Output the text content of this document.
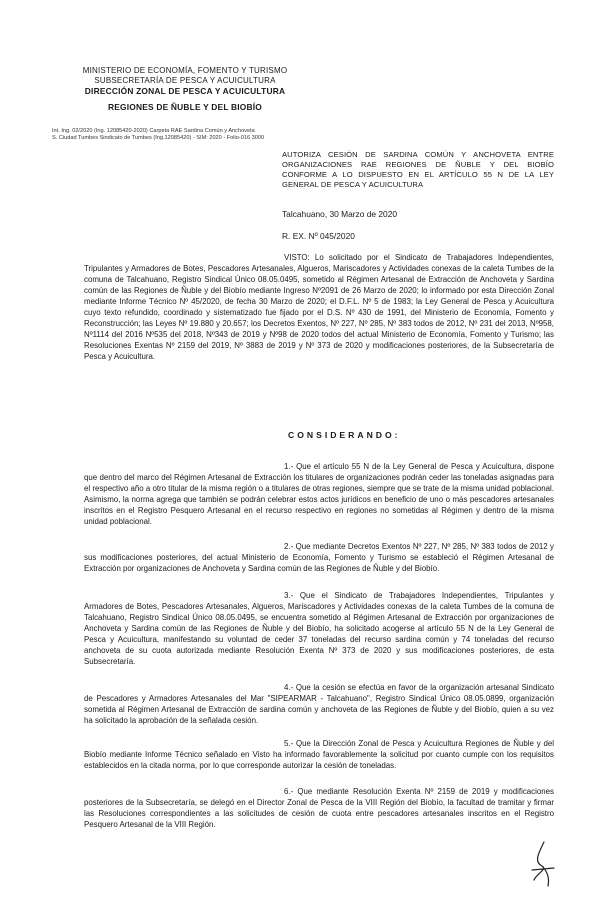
MINISTERIO DE ECONOMÍA, FOMENTO Y TURISMO
SUBSECRETARÍA DE PESCA Y ACUICULTURA
DIRECCIÓN ZONAL DE PESCA Y ACUICULTURA
REGIONES DE ÑUBLE Y DEL BIOBÍO
Int. Ing. 02/2020 (Ing. 12085420-2020) Carpeta RAE Sardina Común y Anchoveta
S. Ciudad Tumbes Sindicato de Tumbes (Ing.12085420) - SIM: 2020 - Folio-016 3000
AUTORIZA CESIÓN DE SARDINA COMÚN Y ANCHOVETA ENTRE ORGANIZACIONES RAE REGIONES DE ÑUBLE Y DEL BIOBÍO CONFORME A LO DISPUESTO EN EL ARTÍCULO 55 N DE LA LEY GENERAL DE PESCA Y ACUICULTURA
Talcahuano, 30 Marzo de 2020
R. EX. Nº 045/2020
VISTO: Lo solicitado por el Sindicato de Trabajadores Independientes, Tripulantes y Armadores de Botes, Pescadores Artesanales, Algueros, Mariscadores y Actividades conexas de la caleta Tumbes de la comuna de Talcahuano, Registro Sindical Único 08.05.0495, sometido al Régimen Artesanal de Extracción de Anchoveta y Sardina común de las Regiones de Ñuble y del Biobío mediante Ingreso Nº2091 de 26 Marzo de 2020; lo informado por esta Dirección Zonal mediante Informe Técnico Nº 45/2020, de fecha 30 Marzo de 2020; el D.F.L. Nº 5 de 1983; la Ley General de Pesca y Acuicultura cuyo texto refundido, coordinado y sistematizado fue fijado por el D.S. Nº 430 de 1991, del Ministerio de Economía, Fomento y Reconstrucción; las Leyes Nº 19.880 y 20.657; los Decretos Exentos, Nº 227, Nº 285, Nº 383 todos de 2012, Nº 231 del 2013, Nº958, Nº1114 del 2016 Nº535 del 2018, Nº343 de 2019 y Nº98 de 2020 todos del actual Ministerio de Economía, Fomento y Turismo; las Resoluciones Exentas Nº 2159 del 2019, Nº 3883 de 2019 y Nº 373 de 2020 y modificaciones posteriores, de la Subsecretaría de Pesca y Acuicultura.
CONSIDERANDO:
1.- Que el artículo 55 N de la Ley General de Pesca y Acuicultura, dispone que dentro del marco del Régimen Artesanal de Extracción los titulares de organizaciones podrán ceder las toneladas asignadas para el respectivo año a otro titular de la misma región o a titulares de otras regiones, siempre que se trate de la misma unidad poblacional. Asimismo, la norma agrega que también se podrán celebrar estos actos jurídicos en beneficio de uno o más pescadores artesanales inscritos en el Registro Pesquero Artesanal en el recurso respectivo en regiones no sometidas al Régimen y dentro de la misma unidad poblacional.
2.- Que mediante Decretos Exentos Nº 227, Nº 285, Nº 383 todos de 2012 y sus modificaciones posteriores, del actual Ministerio de Economía, Fomento y Turismo se estableció el Régimen Artesanal de Extracción por organizaciones de Anchoveta y Sardina común de las Regiones de Ñuble y del Biobío.
3.- Que el Sindicato de Trabajadores Independientes, Tripulantes y Armadores de Botes, Pescadores Artesanales, Algueros, Mariscadores y Actividades conexas de la caleta Tumbes de la comuna de Talcahuano, Registro Sindical Único 08.05.0495, se encuentra sometido al Régimen Artesanal de Extracción por organizaciones de Anchoveta y Sardina común de las Regiones de Ñuble y del Biobío, ha solicitado acogerse al artículo 55 N de la Ley General de Pesca y Acuicultura, manifestando su voluntad de ceder 37 toneladas del recurso sardina común y 74 toneladas del recurso anchoveta de su cuota autorizada mediante Resolución Exenta Nº 373 de 2020 y sus modificaciones posteriores, de esta Subsecretaría.
4.- Que la cesión se efectúa en favor de la organización artesanal Sindicato de Pescadores y Armadores Artesanales del Mar "SIPEARMAR - Talcahuano", Registro Sindical Único 08.05.0899, organización sometida al Régimen Artesanal de Extracción de sardina común y anchoveta de las Regiones de Ñuble y del Biobío, quien a su vez ha solicitado la aprobación de la señalada cesión.
5.- Que la Dirección Zonal de Pesca y Acuicultura Regiones de Ñuble y del Biobío mediante Informe Técnico señalado en Visto ha informado favorablemente la solicitud por cuanto cumple con los requisitos establecidos en la citada norma, por lo que corresponde autorizar la cesión de toneladas.
6.- Que mediante Resolución Exenta Nº 2159 de 2019 y modificaciones posteriores de la Subsecretaría, se delegó en el Director Zonal de Pesca de la VIII Región del Biobío, la facultad de tramitar y firmar las Resoluciones correspondientes a las solicitudes de cesión de cuota entre pescadores artesanales inscritos en el Registro Pesquero Artesanal de la VIII Región.
